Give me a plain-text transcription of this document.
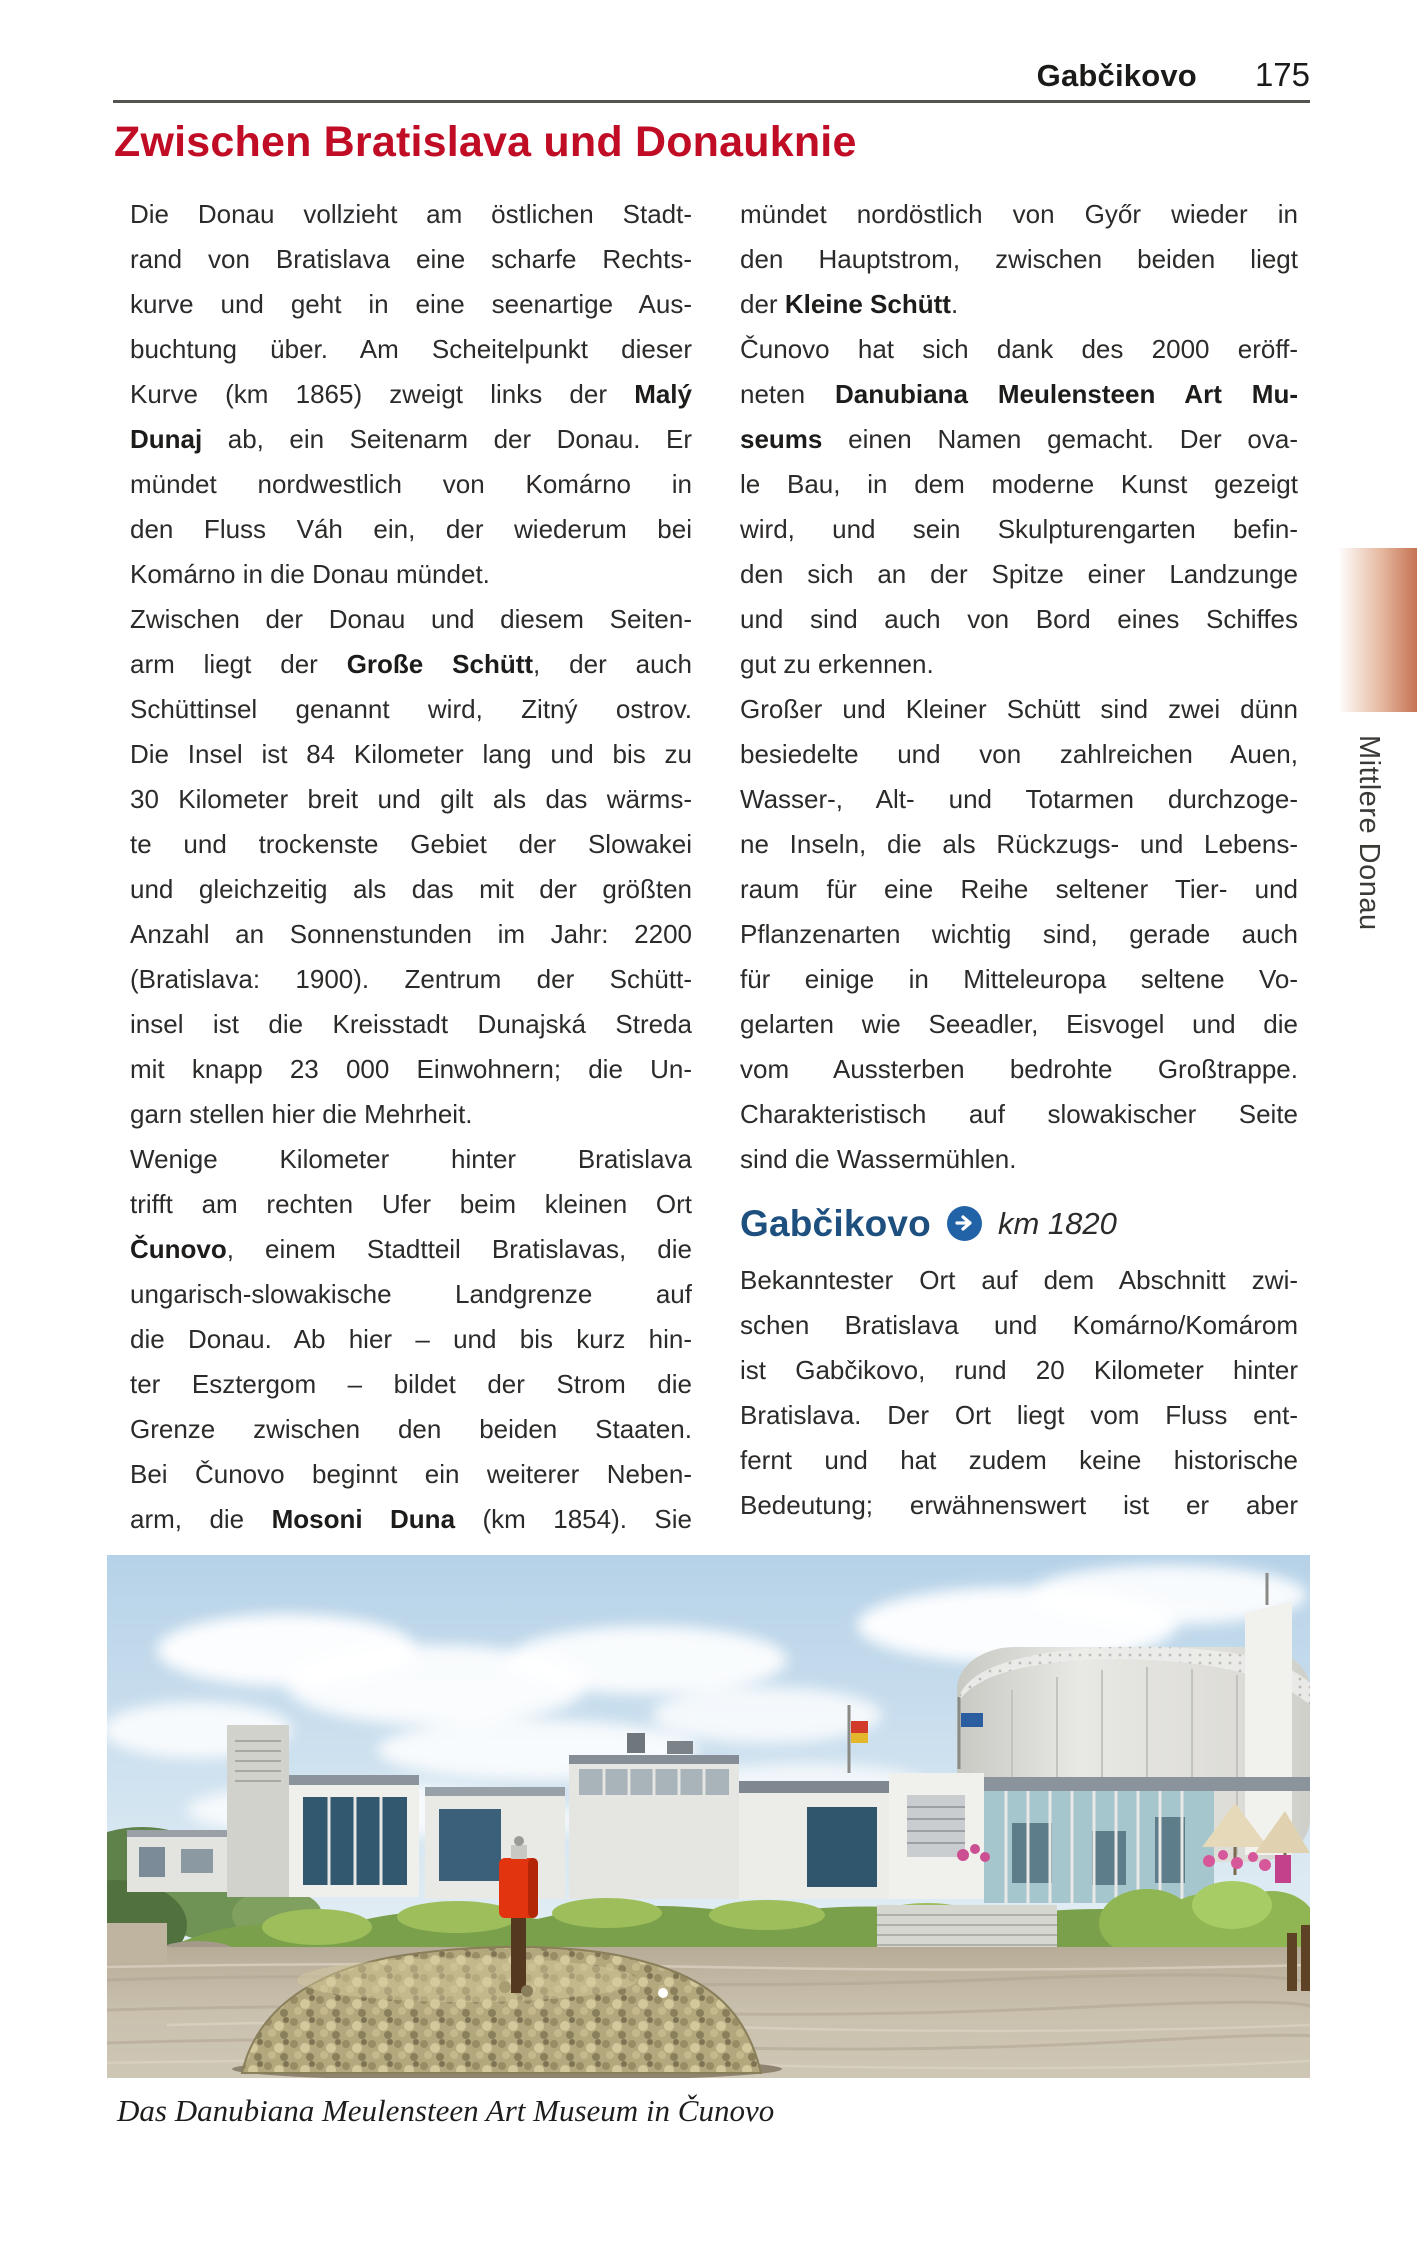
Gabčikovo 175
Zwischen Bratislava und Donauknie
Die Donau vollzieht am östlichen Stadt-
rand von Bratislava eine scharfe Rechts-
kurve und geht in eine seenartige Aus-
buchtung über. Am Scheitelpunkt dieser
Kurve (km 1865) zweigt links der Malý
Dunaj ab, ein Seitenarm der Donau. Er
mündet nordwestlich von Komárno in
den Fluss Váh ein, der wiederum bei
Komárno in die Donau mündet.
Zwischen der Donau und diesem Seiten-
arm liegt der Große Schütt, der auch
Schüttinsel genannt wird, Zitný ostrov.
Die Insel ist 84 Kilometer lang und bis zu
30 Kilometer breit und gilt als das wärms-
te und trockenste Gebiet der Slowakei
und gleichzeitig als das mit der größten
Anzahl an Sonnenstunden im Jahr: 2200
(Bratislava: 1900). Zentrum der Schütt-
insel ist die Kreisstadt Dunajská Streda
mit knapp 23 000 Einwohnern; die Un-
garn stellen hier die Mehrheit.
Wenige Kilometer hinter Bratislava
trifft am rechten Ufer beim kleinen Ort
Čunovo, einem Stadtteil Bratislavas, die
ungarisch-slowakische Landgrenze auf
die Donau. Ab hier – und bis kurz hin-
ter Esztergom – bildet der Strom die
Grenze zwischen den beiden Staaten.
Bei Čunovo beginnt ein weiterer Neben-
arm, die Mosoni Duna (km 1854). Sie
mündet nordöstlich von Győr wieder in
den Hauptstrom, zwischen beiden liegt
der Kleine Schütt.
Čunovo hat sich dank des 2000 eröff-
neten Danubiana Meulensteen Art Mu-
seums einen Namen gemacht. Der ova-
le Bau, in dem moderne Kunst gezeigt
wird, und sein Skulpturengarten befin-
den sich an der Spitze einer Landzunge
und sind auch von Bord eines Schiffes
gut zu erkennen.
Großer und Kleiner Schütt sind zwei dünn
besiedelte und von zahlreichen Auen,
Wasser-, Alt- und Totarmen durchzoge-
ne Inseln, die als Rückzugs- und Lebens-
raum für eine Reihe seltener Tier- und
Pflanzenarten wichtig sind, gerade auch
für einige in Mitteleuropa seltene Vo-
gelarten wie Seeadler, Eisvogel und die
vom Aussterben bedrohte Großtrappe.
Charakteristisch auf slowakischer Seite
sind die Wassermühlen.
Gabčikovo km 1820
Bekanntester Ort auf dem Abschnitt zwi-
schen Bratislava und Komárno/Komárom
ist Gabčikovo, rund 20 Kilometer hinter
Bratislava. Der Ort liegt vom Fluss ent-
fernt und hat zudem keine historische
Bedeutung; erwähnenswert ist er aber
Mittlere Donau
Das Danubiana Meulensteen Art Museum in Čunovo
